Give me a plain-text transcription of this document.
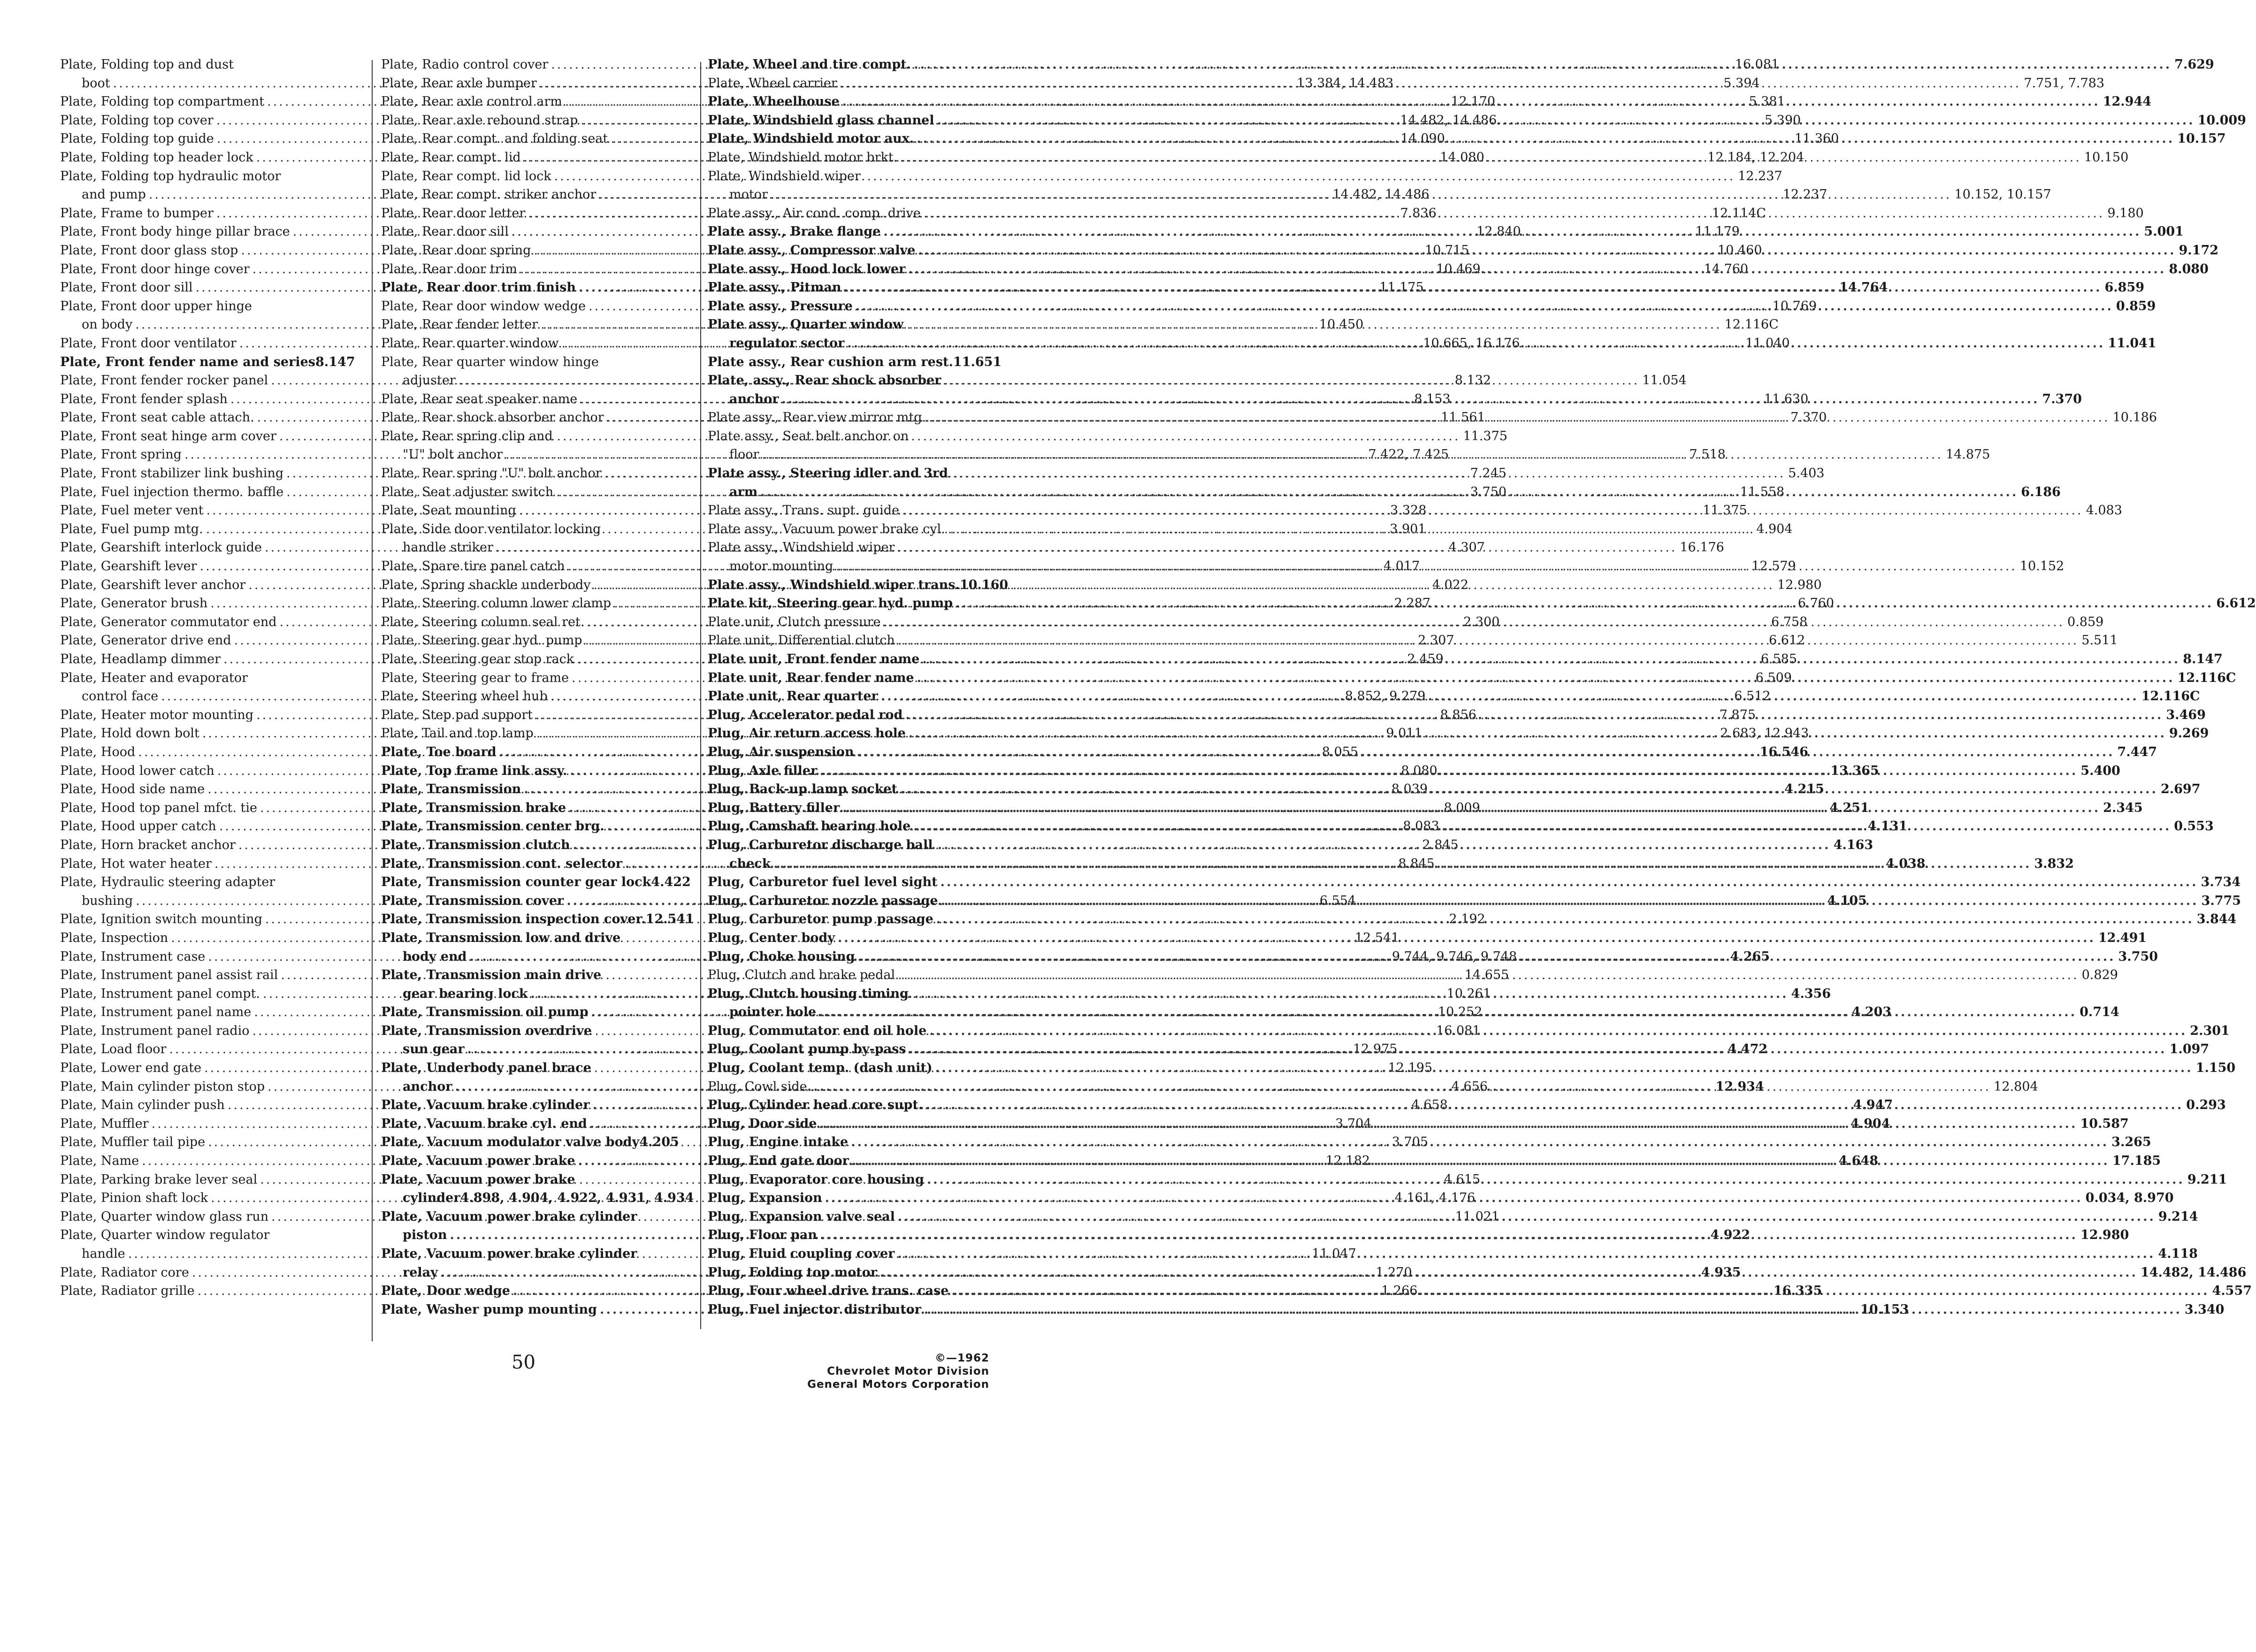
Plate, Folding top and dust
boot .....	13.384, 14.483
Plate, Folding top compartment .....	12.170
Plate, Folding top cover .....	14.482, 14.486
Plate, Folding top guide .....	14.090
Plate, Folding top header lock .....	14.080
Plate, Folding top hydraulic motor
and pump .....	14.482, 14.486
Plate, Frame to bumper .....	7.836
Plate, Front body hinge pillar brace .....	12.840
Plate, Front door glass stop .....	10.715
Plate, Front door hinge cover .....	10.469
Plate, Front door sill .....	11.175
Plate, Front door upper hinge
on body .....	10.450
Plate, Front door ventilator .....	10.665, 16.176
Plate, Front fender name and series 8.147
Plate, Front fender rocker panel .....	8.132
Plate, Front fender splash .....	8.153
Plate, Front seat cable attach. .....	11.561
Plate, Front seat hinge arm cover .....	11.375
Plate, Front spring .....	7.422, 7.425
Plate, Front stabilizer link bushing .....	7.245
Plate, Fuel injection thermo. baffle .....	3.750
Plate, Fuel meter vent .....	3.328
Plate, Fuel pump mtg. .....	3.901
Plate, Gearshift interlock guide .....	4.307
Plate, Gearshift lever .....	4.017
Plate, Gearshift lever anchor .....	4.022
Plate, Generator brush .....	2.287
Plate, Generator commutator end .....	2.300
Plate, Generator drive end .....	2.307
Plate, Headlamp dimmer .....	2.459
Plate, Heater and evaporator
control face .....	8.852, 9.279
Plate, Heater motor mounting .....	8.856
Plate, Hold down bolt .....	9.011
Plate, Hood .....	8.055
Plate, Hood lower catch .....	8.080
Plate, Hood side name .....	8.039
Plate, Hood top panel mfct. tie .....	8.009
Plate, Hood upper catch .....	8.083
Plate, Horn bracket anchor .....	2.845
Plate, Hot water heater .....	8.845
Plate, Hydraulic steering adapter
bushing .....	6.554
Plate, Ignition switch mounting .....	2.192
Plate, Inspection .....	12.541
Plate, Instrument case .....	9.744, 9.746, 9.748
Plate, Instrument panel assist rail .....	14.655
Plate, Instrument panel compt. .....	10.261
Plate, Instrument panel name .....	10.252
Plate, Instrument panel radio .....	16.081
Plate, Load floor .....	12.975
Plate, Lower end gate .....	12.195
Plate, Main cylinder piston stop .....	4.656
Plate, Main cylinder push .....	4.658
Plate, Muffler .....	3.704
Plate, Muffler tail pipe .....	3.705
Plate, Name .....	12.182
Plate, Parking brake lever seal .....	4.615
Plate, Pinion shaft lock .....	4.161, 4.176
Plate, Quarter window glass run .....	11.021
Plate, Quarter window regulator
handle .....	11.047
Plate, Radiator core .....	1.270
Plate, Radiator grille .....	1.266
Plate, Radio control cover .....	16.081
Plate, Rear axle bumper .....	5.394
Plate, Rear axle control arm .....	5.381
Plate, Rear axle rebound strap .....	5.390
Plate, Rear compt. and folding seat .....	11.360
Plate, Rear compt. lid .....	12.184, 12.204
Plate, Rear compt. lid lock .....	12.237
Plate, Rear compt. striker anchor .....	12.237
Plate, Rear door letter .....	12.114C
Plate, Rear door sill .....	11.179
Plate, Rear door spring .....	10.460
Plate, Rear door trim .....	14.760
Plate, Rear door trim finish .....	14.764
Plate, Rear door window wedge .....	10.769
Plate, Rear fender letter .....	12.116C
Plate, Rear quarter window .....	11.040
Plate, Rear quarter window hinge
adjuster .....	11.054
Plate, Rear seat speaker name .....	11.630
Plate, Rear shock absorber anchor .....	7.370
Plate, Rear spring clip and
"U" bolt anchor .....	7.518
Plate, Rear spring "U" bolt anchor .....	5.403
Plate, Seat adjuster switch .....	11.558
Plate, Seat mounting .....	11.375
Plate, Side door ventilator locking
handle striker .....	16.176
Plate, Spare tire panel catch .....	12.579
Plate, Spring shackle underbody .....	12.980
Plate, Steering column lower clamp .....	6.760
Plate, Steering column seal ret. .....	6.758
Plate, Steering gear hyd. pump .....	6.612
Plate, Steering gear stop rack .....	6.585
Plate, Steering gear to frame .....	6.509
Plate, Steering wheel hub .....	6.512
Plate, Step pad support .....	7.875
Plate, Tail and top lamp .....	2.683, 12.943
Plate, Toe board .....	16.546
Plate, Top frame link assy. .....	13.365
Plate, Transmission .....	4.215
Plate, Transmission brake .....	4.251
Plate, Transmission center brg. .....	4.131
Plate, Transmission clutch .....	4.163
Plate, Transmission cont. selector .....	4.038
Plate, Transmission counter gear lock 4.422
Plate, Transmission cover .....	4.105
Plate, Transmission inspection cover. 12.541
Plate, Transmission low and drive
body end .....	4.265
Plate, Transmission main drive
gear bearing lock .....	4.356
Plate, Transmission oil pump .....	4.203
Plate, Transmission overdrive
sun gear .....	4.472
Plate, Underbody panel brace
anchor .....	12.934
Plate, Vacuum brake cylinder .....	4.947
Plate, Vacuum brake cyl. end .....	4.904
Plate, Vacuum modulator valve body 4.205
Plate, Vacuum power brake .....	4.648
Plate, Vacuum power brake
cylinder 4.898, 4.904, 4.922, 4.931, 4.934
Plate, Vacuum power brake cylinder
piston .....	4.922
Plate, Vacuum power brake cylinder
relay .....	4.935
Plate, Door wedge .....	16.335
Plate, Washer pump mounting .....	10.153
Plate, Wheel and tire compt. .....	7.629
Plate, Wheel carrier .....	7.751, 7.783
Plate, Wheelhouse .....	12.944
Plate, Windshield glass channel .....	10.009
Plate, Windshield motor aux. .....	10.157
Plate, Windshield motor brkt. .....	10.150
Plate, Windshield wiper
motor .....	10.152, 10.157
Plate assy., Air cond. comp. drive .....	9.180
Plate assy., Brake flange .....	5.001
Plate assy., Compressor valve .....	9.172
Plate assy., Hood lock lower .....	8.080
Plate assy., Pitman .....	6.859
Plate assy., Pressure .....	0.859
Plate assy., Quarter window
regulator sector .....	11.041
Plate assy., Rear cushion arm rest. 11.651
Plate, assy., Rear shock absorber
anchor .....	7.370
Plate assy., Rear view mirror mtg. .....	10.186
Plate assy., Seat belt anchor on
floor .....	14.875
Plate assy., Steering idler and 3rd
arm .....	6.186
Plate assy., Trans. supt. guide .....	4.083
Plate assy., Vacuum power brake cyl. .....	4.904
Plate assy., Windshield wiper
motor mounting .....	10.152
Plate assy., Windshield wiper trans. 10.160
Plate kit, Steering gear hyd. pump .....	6.612
Plate unit, Clutch pressure .....	0.859
Plate unit, Differential clutch .....	5.511
Plate unit, Front fender name .....	8.147
Plate unit, Rear fender name .....	12.116C
Plate unit, Rear quarter .....	12.116C
Plug, Accelerator pedal rod .....	3.469
Plug, Air return access hole .....	9.269
Plug, Air suspension .....	7.447
Plug, Axle filler .....	5.400
Plug, Back-up lamp socket .....	2.697
Plug, Battery filler .....	2.345
Plug, Camshaft bearing hole .....	0.553
Plug, Carburetor discharge ball
check .....	3.832
Plug, Carburetor fuel level sight .....	3.734
Plug, Carburetor nozzle passage .....	3.775
Plug, Carburetor pump passage .....	3.844
Plug, Center body .....	12.491
Plug, Choke housing .....	3.750
Plug, Clutch and brake pedal .....	0.829
Plug, Clutch housing timing
pointer hole .....	0.714
Plug, Commutator end oil hole .....	2.301
Plug, Coolant pump by-pass .....	1.097
Plug, Coolant temp. (dash unit) .....	1.150
Plug, Cowl side .....	12.804
Plug, Cylinder head core supt. .....	0.293
Plug, Door side .....	10.587
Plug, Engine intake .....	3.265
Plug, End gate door .....	17.185
Plug, Evaporator core housing .....	9.211
Plug, Expansion .....	0.034, 8.970
Plug, Expansion valve seal .....	9.214
Plug, Floor pan .....	12.980
Plug, Fluid coupling cover .....	4.118
Plug, Folding top motor .....	14.482, 14.486
Plug, Four wheel drive trans. case .....	4.557
Plug, Fuel injector distributor .....	3.340
50	©—1962
Chevrolet Motor Division
General Motors Corporation
